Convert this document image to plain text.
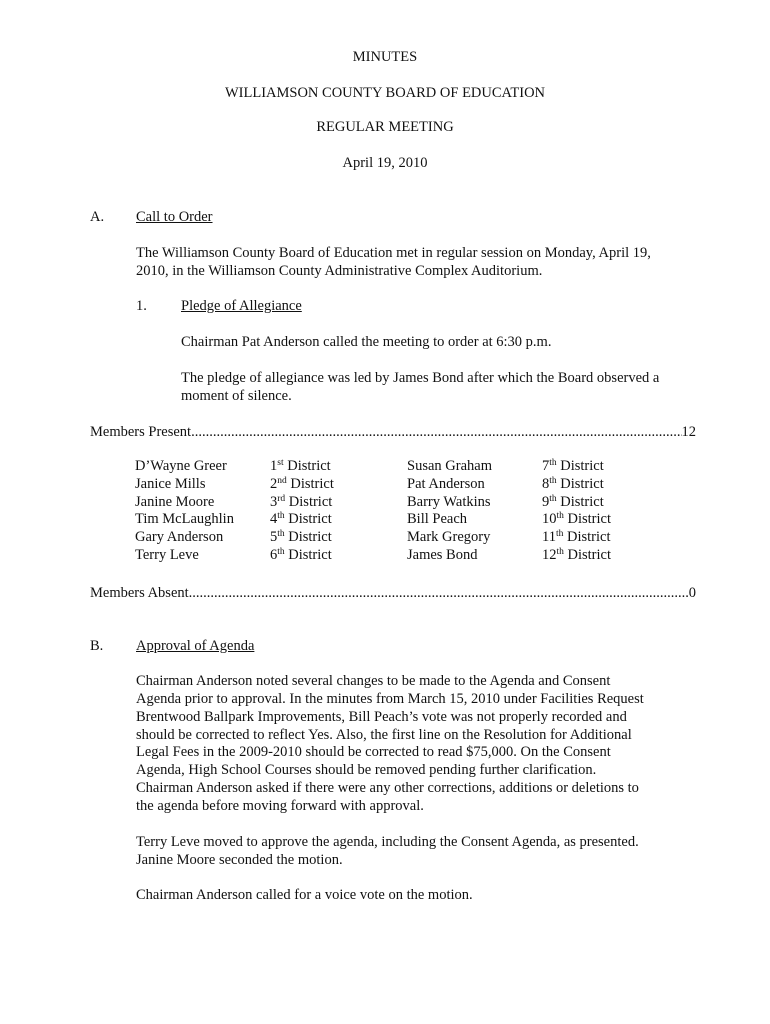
MINUTES
WILLIAMSON COUNTY BOARD OF EDUCATION
REGULAR MEETING
April 19, 2010
A. Call to Order
The Williamson County Board of Education met in regular session on Monday, April 19,
2010, in the Williamson County Administrative Complex Auditorium.
1. Pledge of Allegiance
Chairman Pat Anderson called the meeting to order at 6:30 p.m.
The pledge of allegiance was led by James Bond after which the Board observed a
moment of silence.
Members Present .....	12
D’Wayne Greer	1st District	Susan Graham	7th District
Janice Mills	2nd District	Pat Anderson	8th District
Janine Moore	3rd District	Barry Watkins	9th District
Tim McLaughlin 4th District	Bill Peach	10th District
Gary Anderson	5th District	Mark Gregory	11th District
Terry Leve	6th District	James Bond	12th District
Members Absent .....	0
B. Approval of Agenda
Chairman Anderson noted several changes to be made to the Agenda and Consent
Agenda prior to approval. In the minutes from March 15, 2010 under Facilities Request
Brentwood Ballpark Improvements, Bill Peach’s vote was not properly recorded and
should be corrected to reflect Yes. Also, the first line on the Resolution for Additional
Legal Fees in the 2009-2010 should be corrected to read $75,000. On the Consent
Agenda, High School Courses should be removed pending further clarification.
Chairman Anderson asked if there were any other corrections, additions or deletions to
the agenda before moving forward with approval.
Terry Leve moved to approve the agenda, including the Consent Agenda, as presented.
Janine Moore seconded the motion.
Chairman Anderson called for a voice vote on the motion.
